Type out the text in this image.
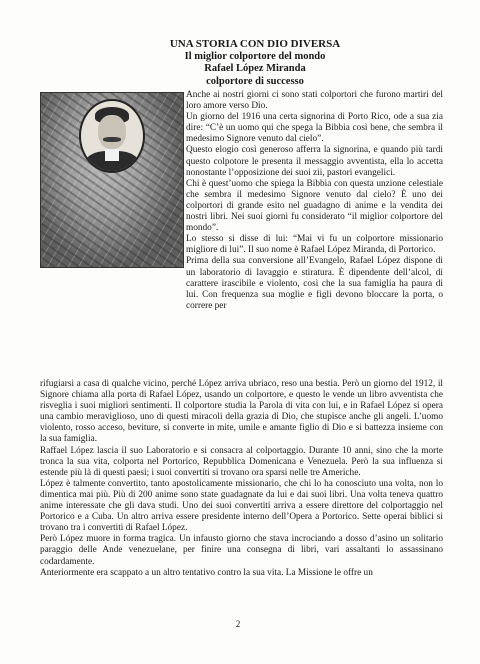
UNA STORIA CON DIO DIVERSA
Il miglior colportore del mondo
Rafael López Miranda
colportore di successo

Anche ai nostri giorni ci sono stati colportori che furono martiri del loro amore verso Dio.

Un giorno del 1916 una certa signorina di Porto Rico, ode a sua zia dire: “C’è un uomo qui che spega la Bibbia così bene, che sembra il medesimo Signore venuto dal cielo”.

Questo elogio così generoso afferra la signorina, e quando più tardi questo colpotore le presenta il messaggio avventista, ella lo accetta nonostante l’opposizione dei suoi zii, pastori evangelici.

Chi è quest’uomo che spiega la Bibbia con questa unzione celestiale che sembra il medesimo Signore venuto dal cielo? È uno dei colportori di grande esito nel guadagno di anime e la vendita dei nostri libri. Nei suoi giorni fu considerato “il miglior colportore del mondo”.

Lo stesso si disse di lui: “Mai vi fu un colportore missionario migliore di lui”. Il suo nome è Rafael López Miranda, di Portorico.

Prima della sua conversione all’Evangelo, Rafael López dispone di un laboratorio di lavaggio e stiratura. È dipendente dell’alcol, di carattere irascibile e violento, così che la sua famiglia ha paura di lui. Con frequenza sua moglie e figli devono bloccare la porta, o correre per

rifugiarsi a casa di qualche vicino, perché López arriva ubriaco, reso una bestia. Però un giorno del 1912, il Signore chiama alla porta di Rafael López, usando un colportore, e questo le vende un libro avventista che risveglia i suoi migliori sentimenti. Il colportore studia la Parola di vita con lui, e in Rafael López si opera una cambio meraviglioso, uno di questi miracoli della grazia di Dio, che stupisce anche gli angeli. L’uomo violento, rosso acceso, beviture, si converte in mite, umile e amante figlio di Dio e si battezza insieme con la sua famiglia.

Raffael López lascia il suo Laboratorio e si consacra al colportaggio. Durante 10 anni, sino che la morte tronca la sua vita, colporta nel Portorico, Repubblica Domenicana e Venezuela. Però la sua influenza si estende più là di questi paesi; i suoi convertiti si trovano ora sparsi nelle tre Americhe.

López è talmente convertito, tanto apostolicamente missionario, che chi lo ha conosciuto una volta, non lo dimentica mai più. Più di 200 anime sono state guadagnate da lui e dai suoi libri. Una volta teneva quattro anime interessate che gli dava studi. Uno dei suoi convertiti arriva a essere direttore del colportaggio nel Portorico e a Cuba. Un altro arriva essere presidente interno dell’Opera a Portorico. Sette operai biblici si trovano tra i convertiti di Rafael López.

Però López muore in forma tragica. Un infausto giorno che stava incrociando a dosso d’asino un solitario paraggio delle Ande venezuelane, per finire una consegna di libri, vari assaltanti lo assassinano codardamente.

Anteriormente era scappato a un altro tentativo contro la sua vita. La Missione le offre un

2
